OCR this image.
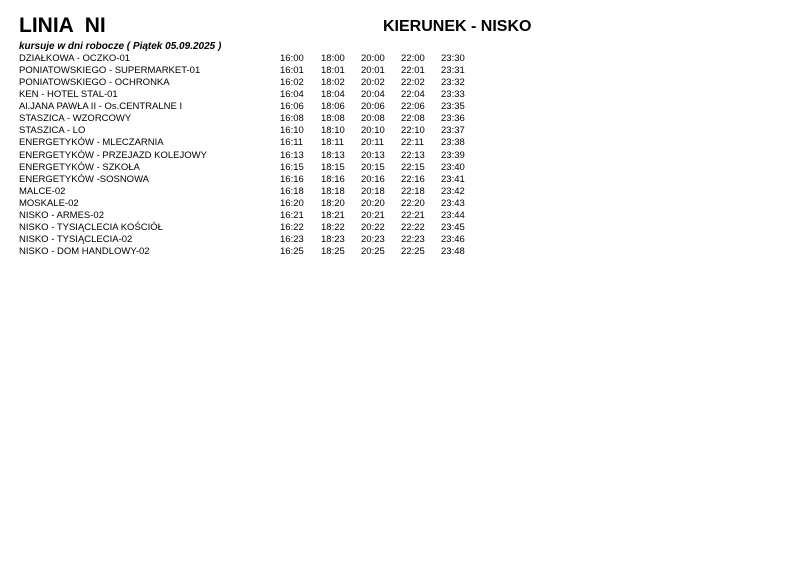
LINIA  NI	KIERUNEK - NISKO
kursuje w dni robocze ( Piątek 05.09.2025 )
DZIAŁKOWA - OCZKO-01	16:00 18:00 20:00 22:00 23:30
PONIATOWSKIEGO - SUPERMARKET-01	16:01 18:01 20:01 22:01 23:31
PONIATOWSKIEGO - OCHRONKA	16:02 18:02 20:02 22:02 23:32
KEN - HOTEL STAL-01	16:04 18:04 20:04 22:04 23:33
Al.JANA PAWŁA II - Os.CENTRALNE I	16:06 18:06 20:06 22:06 23:35
STASZICA - WZORCOWY	16:08 18:08 20:08 22:08 23:36
STASZICA - LO	16:10 18:10 20:10 22:10 23:37
ENERGETYKÓW - MLECZARNIA	16:11 18:11 20:11 22:11 23:38
ENERGETYKÓW - PRZEJAZD KOLEJOWY	16:13 18:13 20:13 22:13 23:39
ENERGETYKÓW - SZKOŁA	16:15 18:15 20:15 22:15 23:40
ENERGETYKÓW -SOSNOWA	16:16 18:16 20:16 22:16 23:41
MALCE-02	16:18 18:18 20:18 22:18 23:42
MOSKALE-02	16:20 18:20 20:20 22:20 23:43
NISKO - ARMES-02	16:21 18:21 20:21 22:21 23:44
NISKO - TYSIĄCLECIA KOŚCIÓŁ	16:22 18:22 20:22 22:22 23:45
NISKO - TYSIĄCLECIA-02	16:23 18:23 20:23 22:23 23:46
NISKO - DOM HANDLOWY-02	16:25 18:25 20:25 22:25 23:48
